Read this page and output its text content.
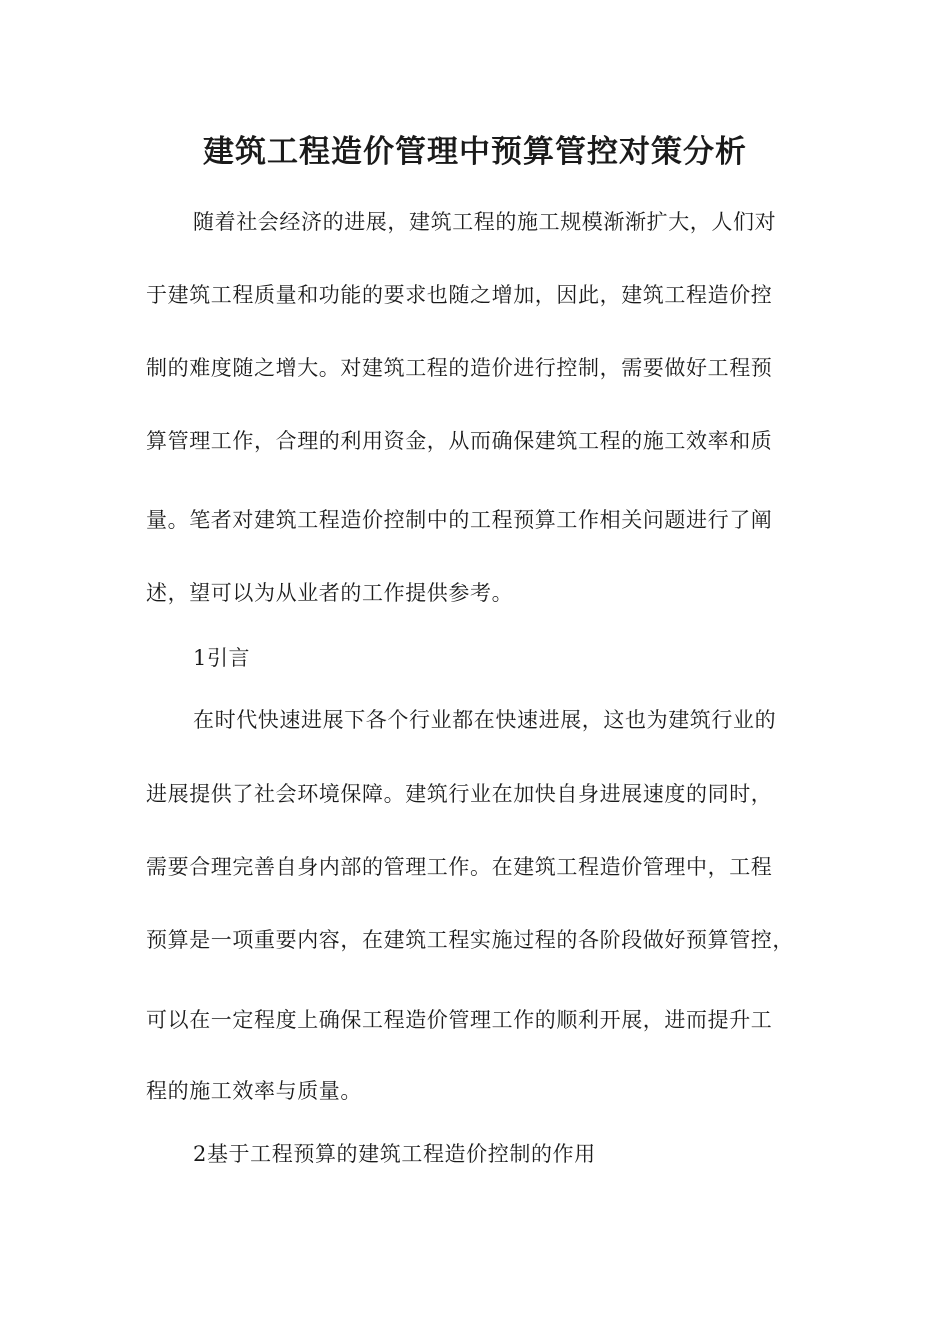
建筑工程造价管理中预算管控对策分析

随着社会经济的进展，建筑工程的施工规模渐渐扩大，人们对

于建筑工程质量和功能的要求也随之增加，因此，建筑工程造价控

制的难度随之增大。对建筑工程的造价进行控制，需要做好工程预

算管理工作，合理的利用资金，从而确保建筑工程的施工效率和质

量。笔者对建筑工程造价控制中的工程预算工作相关问题进行了阐

述，望可以为从业者的工作提供参考。

1引言

在时代快速进展下各个行业都在快速进展，这也为建筑行业的

进展提供了社会环境保障。建筑行业在加快自身进展速度的同时，

需要合理完善自身内部的管理工作。在建筑工程造价管理中，工程

预算是一项重要内容，在建筑工程实施过程的各阶段做好预算管控，

可以在一定程度上确保工程造价管理工作的顺利开展，进而提升工

程的施工效率与质量。

2基于工程预算的建筑工程造价控制的作用
